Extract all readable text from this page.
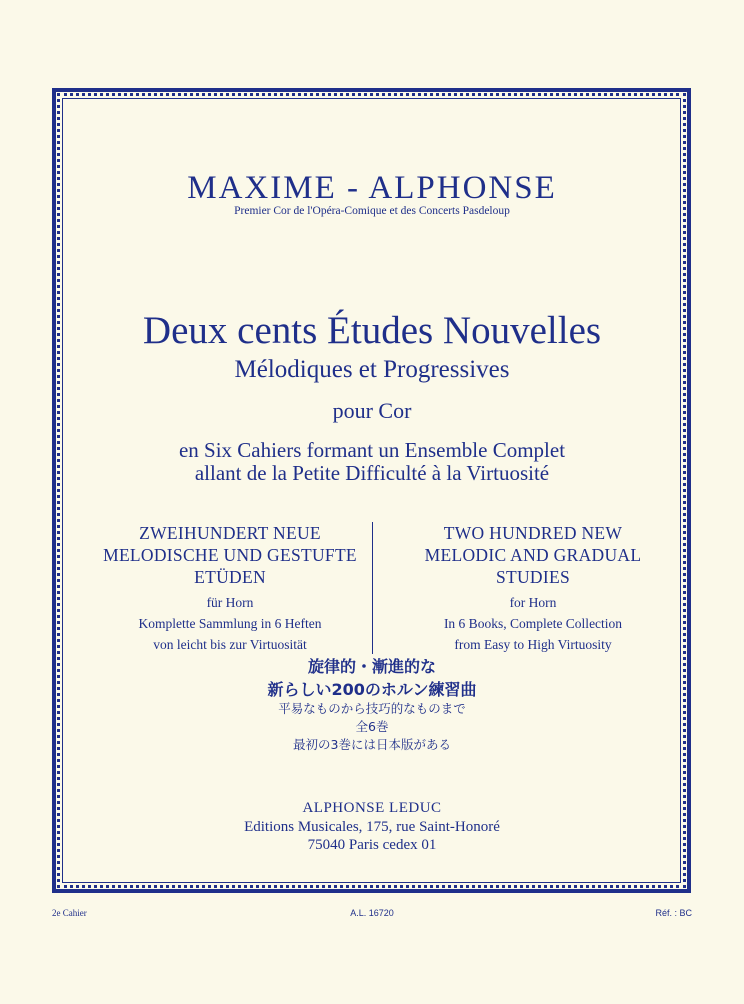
MAXIME - ALPHONSE
Premier Cor de l'Opéra-Comique et des Concerts Pasdeloup
Deux cents Études Nouvelles
Mélodiques et Progressives
pour Cor
en Six Cahiers formant un Ensemble Complet
allant de la Petite Difficulté à la Virtuosité
ZWEIHUNDERT NEUE
MELODISCHE UND GESTUFTE
ETÜDEN
für Horn
Komplette Sammlung in 6 Heften
von leicht bis zur Virtuosität
TWO HUNDRED NEW
MELODIC AND GRADUAL
STUDIES
for Horn
In 6 Books, Complete Collection
from Easy to High Virtuosity
旋律的・漸進的な
新らしい200のホルン練習曲
平易なものから技巧的なものまで
全6巻
最初の3巻には日本版がある
ALPHONSE LEDUC
Editions Musicales, 175, rue Saint-Honoré
75040 Paris cedex 01
2e Cahier	A.L. 16720	Réf. : BC
